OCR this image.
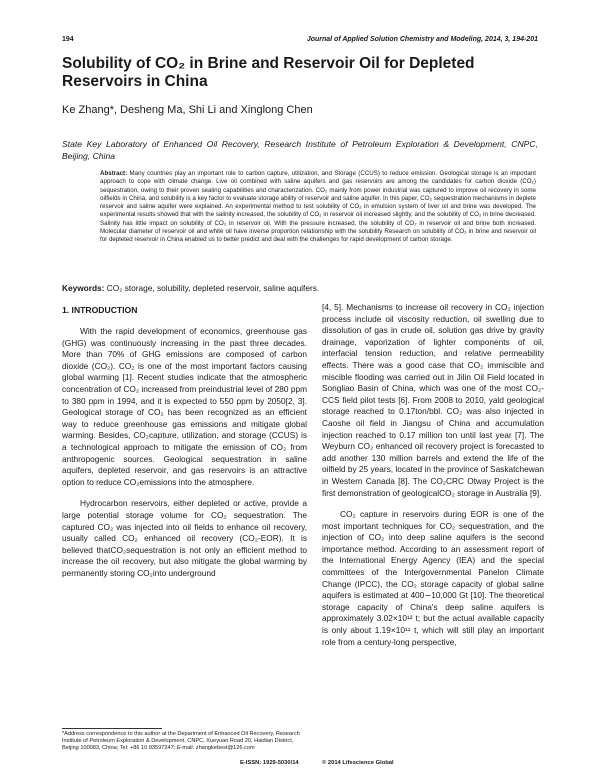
194	Journal of Applied Solution Chemistry and Modeling, 2014, 3, 194-201
Solubility of CO₂ in Brine and Reservoir Oil for Depleted Reservoirs in China
Ke Zhang*, Desheng Ma, Shi Li and Xinglong Chen
State Key Laboratory of Enhanced Oil Recovery, Research Institute of Petroleum Exploration & Development, CNPC, Beijing, China
Abstract: Many countries play an important role to carbon capture, utilization, and Storage (CCUS) to reduce emission. Geological storage is an important approach to cope with climate change. Live oil combined with saline aquifers and gas reservoirs are among the candidates for carbon dioxide (CO₂) sequestration, owing to their proven sealing capabilities and characterization. CO₂ mainly from power industrial was captured to improve oil recovery in some oilfields in China, and solubility is a key factor to evaluate storage ability of reservoir and saline aquifer. In this paper, CO₂ sequestration mechanisms in deplete reservoir and saline aquifer were explained. An experimental method to test solubility of CO₂ in emulsion system of liver oil and brine was developed. The experimental results showed that with the salinity increased, the solubility of CO₂ in reservoir oil increased slightly, and the solubility of CO₂ in brine decreased. Salinity has little impact on solubility of CO₂ in reservoir oil. With the pressure increased, the solubility of CO₂ in reservoir oil and brine both increased. Molecular diameter of reservoir oil and white oil have inverse proportion relationship with the solubility Research on solubility of CO₂ in brine and reservoir oil for depleted reservoir in China enabled us to better predict and deal with the challenges for rapid development of carbon storage.
Keywords: CO₂ storage, solubility, depleted reservoir, saline aquifers.
1. INTRODUCTION

With the rapid development of economics, greenhouse gas (GHG) was continuously increasing in the past three decades. More than 70% of GHG emissions are composed of carbon dioxide (CO₂). CO₂ is one of the most important factors causing global warming [1]. Recent studies indicate that the atmospheric concentration of CO₂ increased from preindustrial level of 280 ppm to 380 ppm in 1994, and it is expected to 550 ppm by 2050[2, 3]. Geological storage of CO₂ has been recognized as an efficient way to reduce greenhouse gas emissions and mitigate global warming. Besides, CO₂capture, utilization, and storage (CCUS) is a technological approach to mitigate the emission of CO₂ from anthropogenic sources. Geological sequestration in saline aquifers, depleted reservoir, and gas reservoirs is an attractive option to reduce CO₂emissions into the atmosphere.

Hydrocarbon reservoirs, either depleted or active, provide a large potential storage volume for CO₂ sequestration. The captured CO₂ was injected into oil fields to enhance oil recovery, usually called CO₂ enhanced oil recovery (CO₂-EOR). It is believed thatCO₂sequestration is not only an efficient method to increase the oil recovery, but also mitigate the global warming by permanently storing CO₂into underground

[4, 5]. Mechanisms to increase oil recovery in CO₂ injection process include oil viscosity reduction, oil swelling due to dissolution of gas in crude oil, solution gas drive by gravity drainage, vaporization of lighter components of oil, interfacial tension reduction, and relative permeability effects. There was a good case that CO₂ immiscible and miscible flooding was carried out in Jilin Oil Field located in Songliao Basin of China, which was one of the most CO₂-CCS field pilot tests [6]. From 2008 to 2010, yald geological storage reached to 0.17ton/bbl. CO₂ was also injected in Caoshe oil field in Jiangsu of China and accumulation injection reached to 0.17 million ton until last year [7]. The Weyburn CO₂ enhanced oil recovery project is forecasted to add another 130 million barrels and extend the life of the oilfield by 25 years, located in the province of Saskatchewan in Western Canada [8]. The CO₂CRC Otway Project is the first demonstration of geologicalCO₂ storage in Australia [9].

CO₂ capture in reservoirs during EOR is one of the most important techniques for CO₂ sequestration, and the injection of CO₂ into deep saline aquifers is the second importance method. According to an assessment report of the International Energy Agency (IEA) and the special committees of the Intergovernmental Panelon Climate Change (IPCC), the CO₂ storage capacity of global saline aquifers is estimated at 400∼10,000 Gt [10]. The theoretical storage capacity of China's deep saline aquifers is approximately 3.02×10¹² t; but the actual available capacity is only about 1.19×10¹¹ t, which will still play an important role from a century-long perspective,

*Address correspondence to this author at the Department of Enhanced Oil Recovery, Research Institute of Petroleum Exploration & Development, CNPC, Xueyuan Road 20, Haidian District, Beijing 100083, China; Tel: +86 10 83597247; E-mail: zhangkebest@126.com
E-ISSN: 1929-5030/14	© 2014 Lifescience Global
